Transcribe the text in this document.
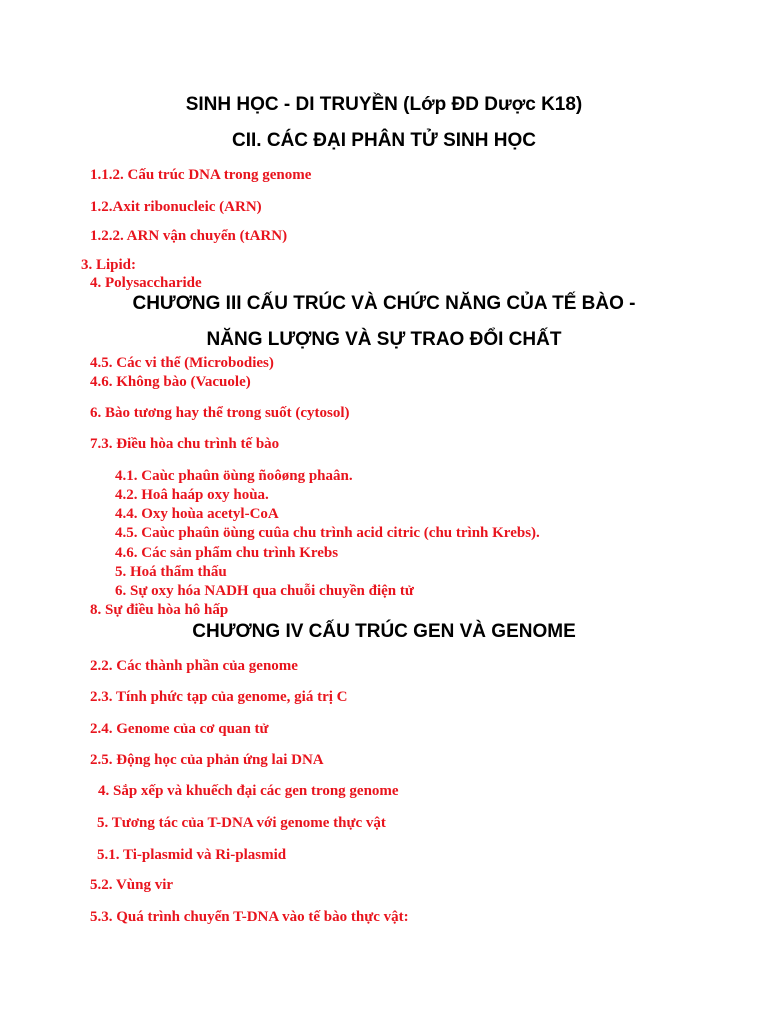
SINH HỌC - DI TRUYỀN (Lớp ĐD Dược K18)
CII. CÁC ĐẠI PHÂN TỬ SINH HỌC
1.1.2. Cấu trúc DNA trong genome
1.2.Axit ribonucleic (ARN)
1.2.2. ARN vận chuyển (tARN)
3. Lipid:
4. Polysaccharide
CHƯƠNG III CẤU TRÚC VÀ CHỨC NĂNG CỦA TẾ BÀO -
NĂNG LƯỢNG VÀ SỰ TRAO ĐỔI CHẤT
4.5. Các vi thể (Microbodies)
4.6. Không bào (Vacuole)
6. Bào tương hay thể trong suốt (cytosol)
7.3. Điều hòa chu trình tế bào
4.1. Caùc phaûn öùng ñoôøng phaân.
4.2. Hoâ haáp oxy hoùa.
4.4. Oxy hoùa acetyl-CoA
4.5. Caùc phaûn öùng cuûa chu trình acid citric (chu trình Krebs).
4.6. Các sản phẩm chu trình Krebs
5. Hoá thẩm thấu
6. Sự oxy hóa NADH qua chuỗi chuyền điện tử
8. Sự điều hòa hô hấp
CHƯƠNG IV CẤU TRÚC GEN VÀ GENOME
2.2. Các thành phần của genome
2.3. Tính phức tạp của genome, giá trị C
2.4. Genome của cơ quan tử
2.5. Động học của phản ứng lai DNA
4. Sắp xếp và khuếch đại các gen trong genome
5. Tương tác của T-DNA với genome thực vật
5.1. Ti-plasmid và Ri-plasmid
5.2. Vùng vir
5.3. Quá trình chuyển T-DNA vào tế bào thực vật:
